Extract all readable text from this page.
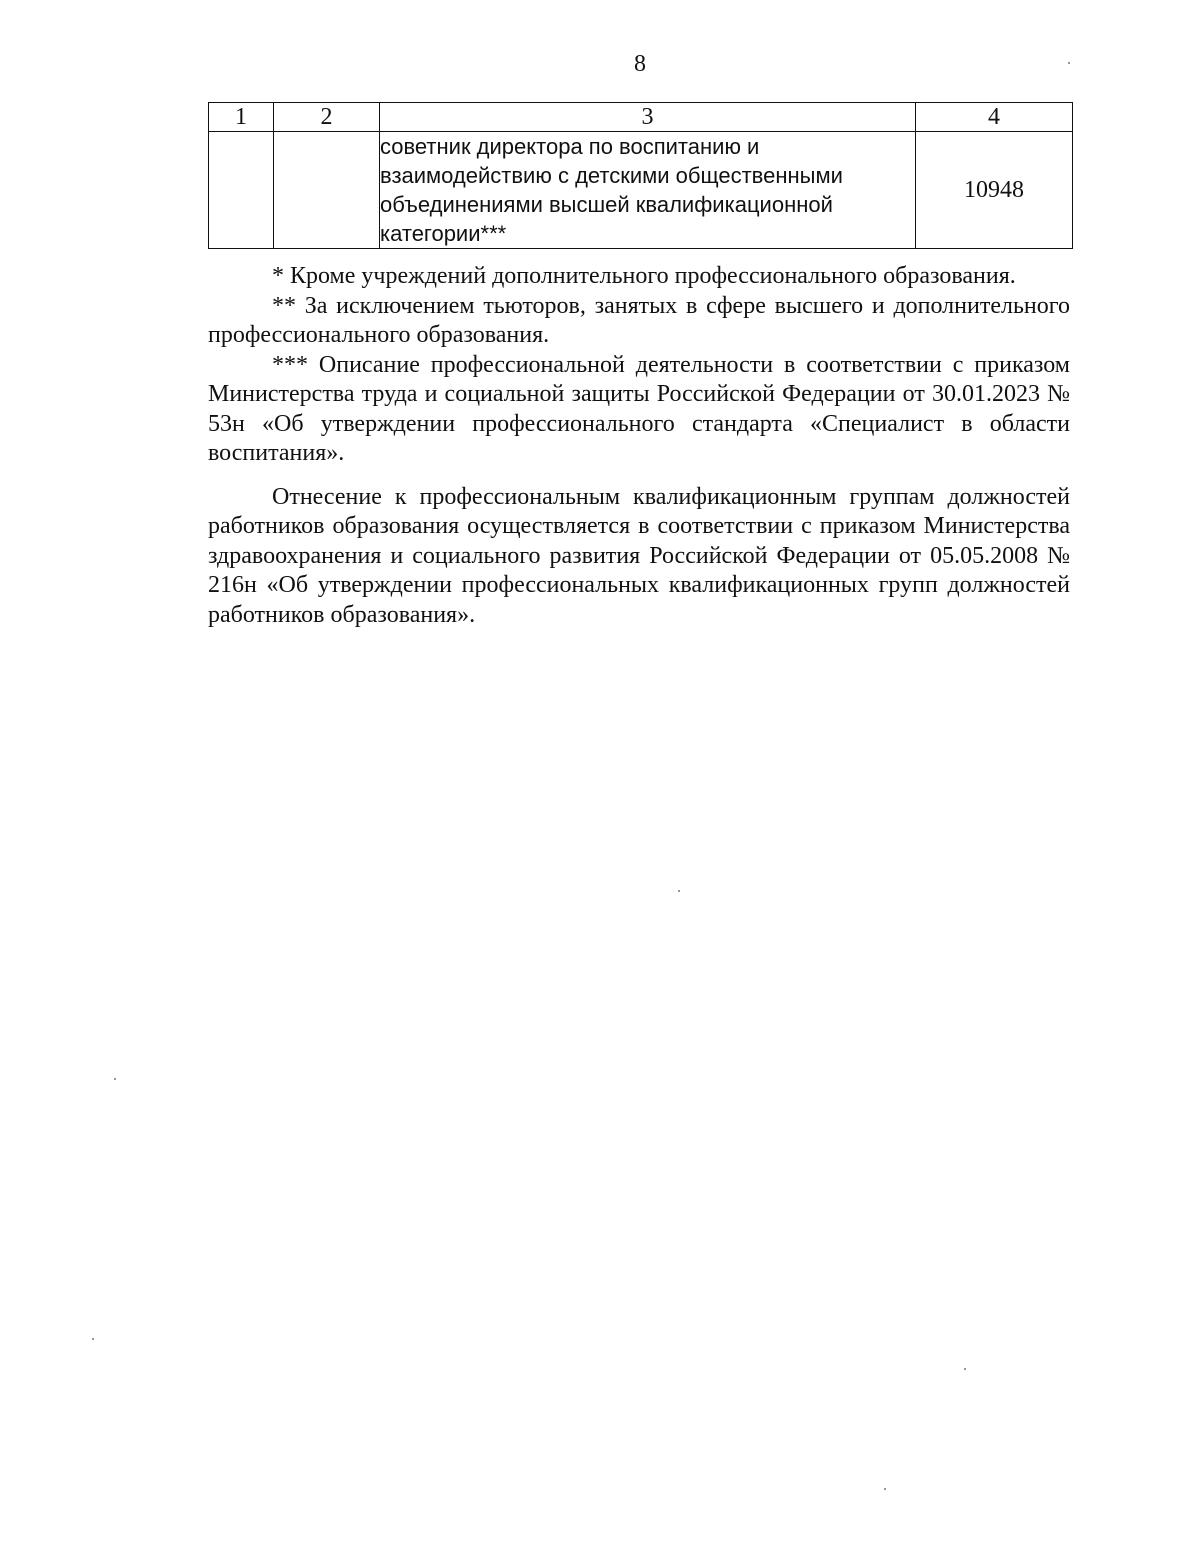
8
1	2	3	4
		советник директора по воспитанию и взаимодействию с детскими общественными объединениями высшей квалификационной категории***	10948

* Кроме учреждений дополнительного профессионального образования.

** За исключением тьюторов, занятых в сфере высшего и дополнительного профессионального образования.

*** Описание профессиональной деятельности в соответствии с приказом Министерства труда и социальной защиты Российской Федерации от 30.01.2023 № 53н «Об утверждении профессионального стандарта «Специалист в области воспитания».

Отнесение к профессиональным квалификационным группам должностей работников образования осуществляется в соответствии с приказом Министерства здравоохранения и социального развития Российской Федерации от 05.05.2008 № 216н «Об утверждении профессиональных квалификационных групп должностей работников образования».
